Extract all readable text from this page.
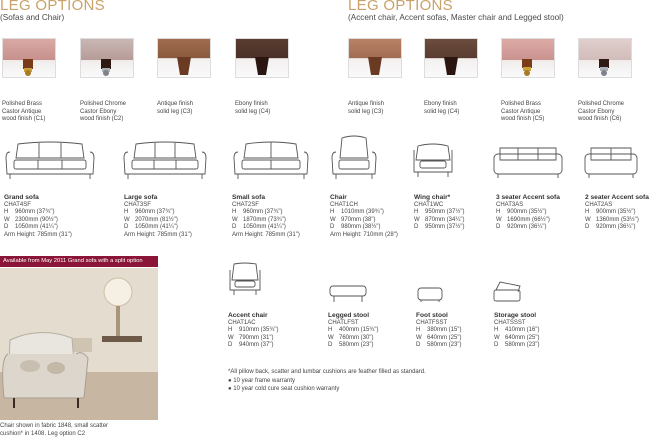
LEG OPTIONS
(Sofas and Chair)
LEG OPTIONS
(Accent chair, Accent sofas, Master chair and Legged stool)
Polished Brass
Castor Antique
wood finish (C1)
Polished Chrome
Castor Ebony
wood finish (C2)
Antique finish
solid leg (C3)
Ebony finish
solid leg (C4)
Antique finish
solid leg (C3)
Ebony finish
solid leg (C4)
Polished Brass
Castor Antique
wood finish (C5)
Polished Chrome
Castor Ebony
wood finish (C6)
Grand sofa
CHAT4SF
H 960mm (37¾")
W 2300mm (90½")
D 1050mm (41¼")
Arm Height: 785mm (31")
Large sofa
CHAT3SF
H 960mm (37¾")
W 2070mm (81½")
D 1050mm (41¼")
Arm Height: 785mm (31")
Small sofa
CHAT2SF
H 960mm (37¾")
W 1870mm (73¾")
D 1050mm (41¼")
Arm Height: 785mm (31")
Chair
CHAT1CH
H 1010mm (39¾")
W 970mm (38")
D 980mm (38½")
Arm Height: 710mm (28")
Wing chair*
CHAT1WC
H 950mm (37½")
W 870mm (34¼")
D 950mm (37½")
3 seater Accent sofa
CHAT3AS
H 900mm (35½")
W 1690mm (66½")
D 920mm (36¼")
2 seater Accent sofa
CHAT2AS
H 900mm (35½")
W 1360mm (53½")
D 920mm (36¼")
Accent chair
CHAT1AC
H 910mm (35¾")
W 790mm (31")
D 940mm (37")
Legged stool
CHATLFST
H 400mm (15¾")
W 760mm (30")
D 580mm (23")
Foot stool
CHATFSST
H 380mm (15")
W 640mm (25")
D 580mm (23")
Storage stool
CHATSSST
H 410mm (16")
W 640mm (25")
D 580mm (23")
Available from May 2011 Grand sofa with a split option
Chair shown in fabric 1848, small scatter
cushion* in 1408. Leg option C2
*All pillow back, scatter and lumbar cushions are feather filled as standard.
● 10 year frame warranty
● 10 year cold cure seat cushion warranty
